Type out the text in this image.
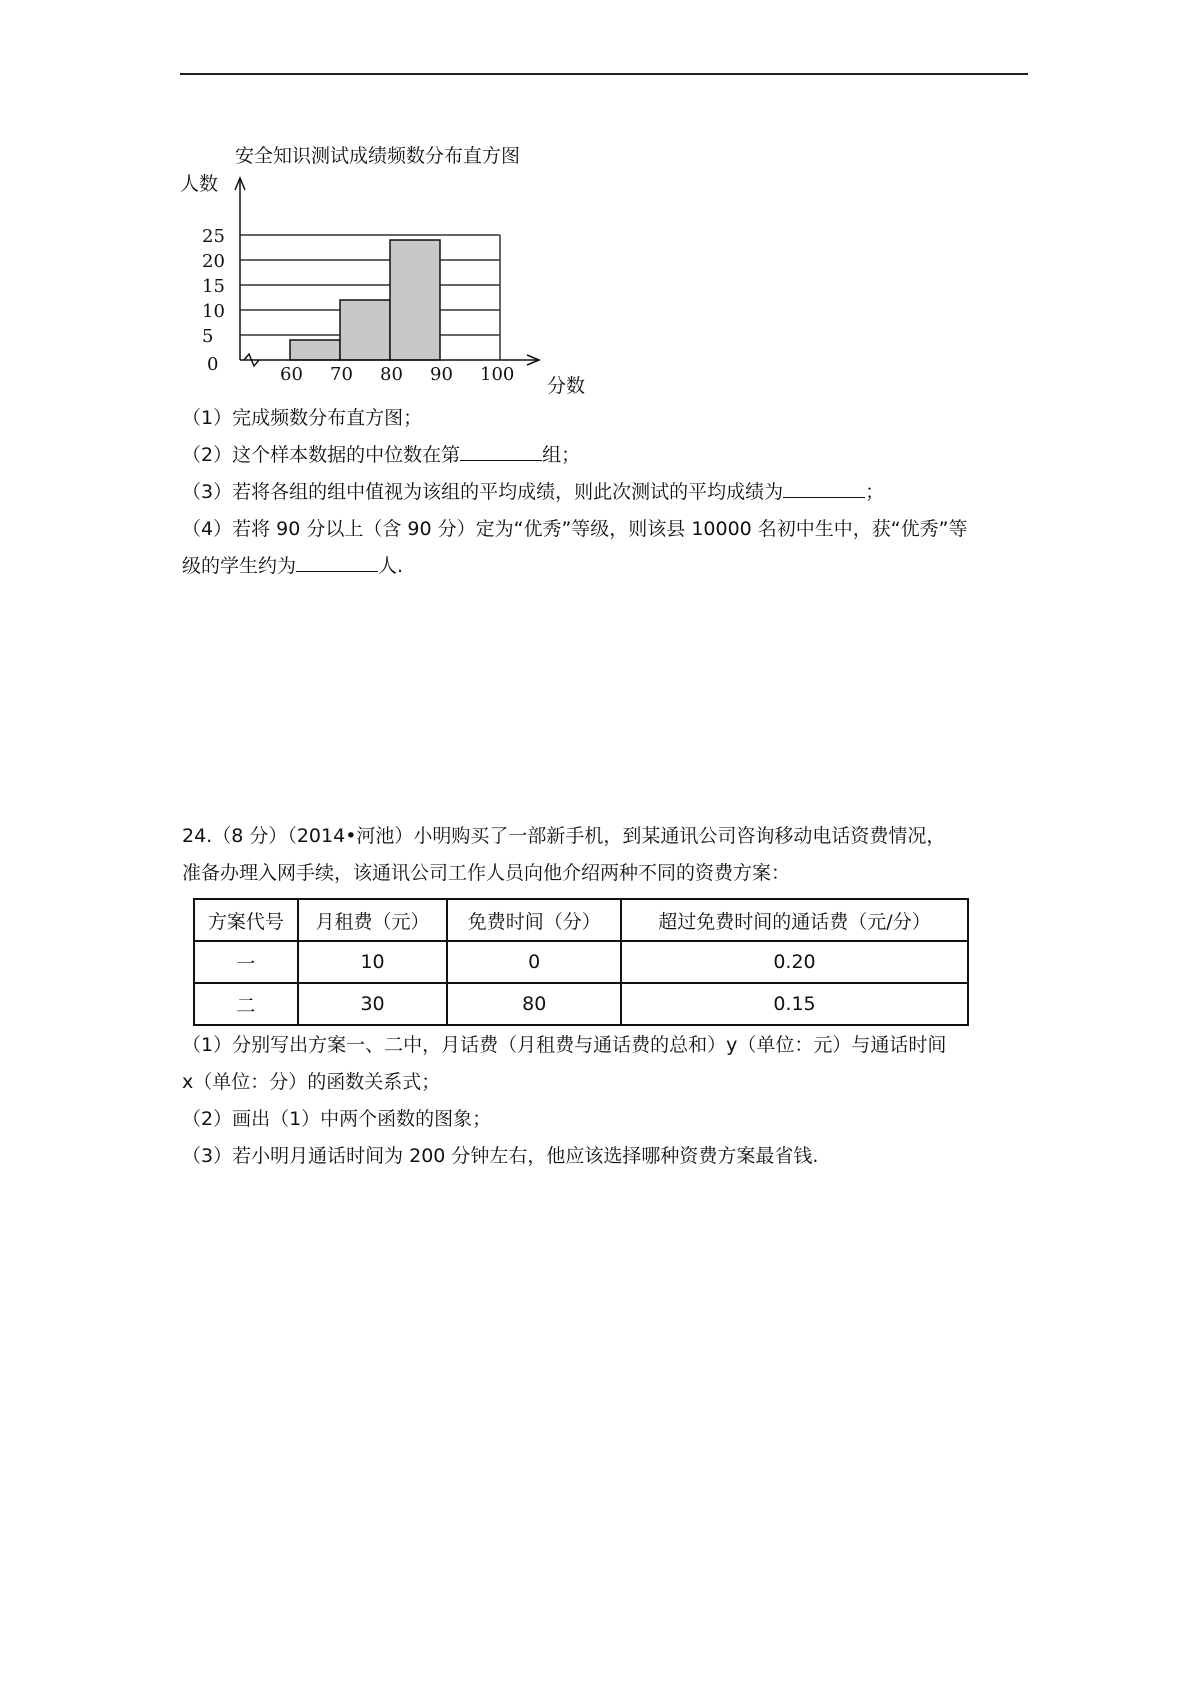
安全知识测试成绩频数分布直方图
人数
分数
0
5
10
15
20
25
60 70 80 90 100
（1）完成频数分布直方图；
（2）这个样本数据的中位数在第	组；
（3）若将各组的组中值视为该组的平均成绩，则此次测试的平均成绩为	；
（4）若将 90 分以上（含 90 分）定为“优秀”等级，则该县 10000 名初中生中，获“优秀”等
级的学生约为	人.
24.（8 分）（2014•河池）小明购买了一部新手机，到某通讯公司咨询移动电话资费情况，
准备办理入网手续，该通讯公司工作人员向他介绍两种不同的资费方案：
方案代号	月租费（元）	免费时间（分）	超过免费时间的通话费（元/分）
一	10	0	0.20
二	30	80	0.15
（1）分别写出方案一、二中，月话费（月租费与通话费的总和）y（单位：元）与通话时间
x（单位：分）的函数关系式；
（2）画出（1）中两个函数的图象；
（3）若小明月通话时间为 200 分钟左右，他应该选择哪种资费方案最省钱.
